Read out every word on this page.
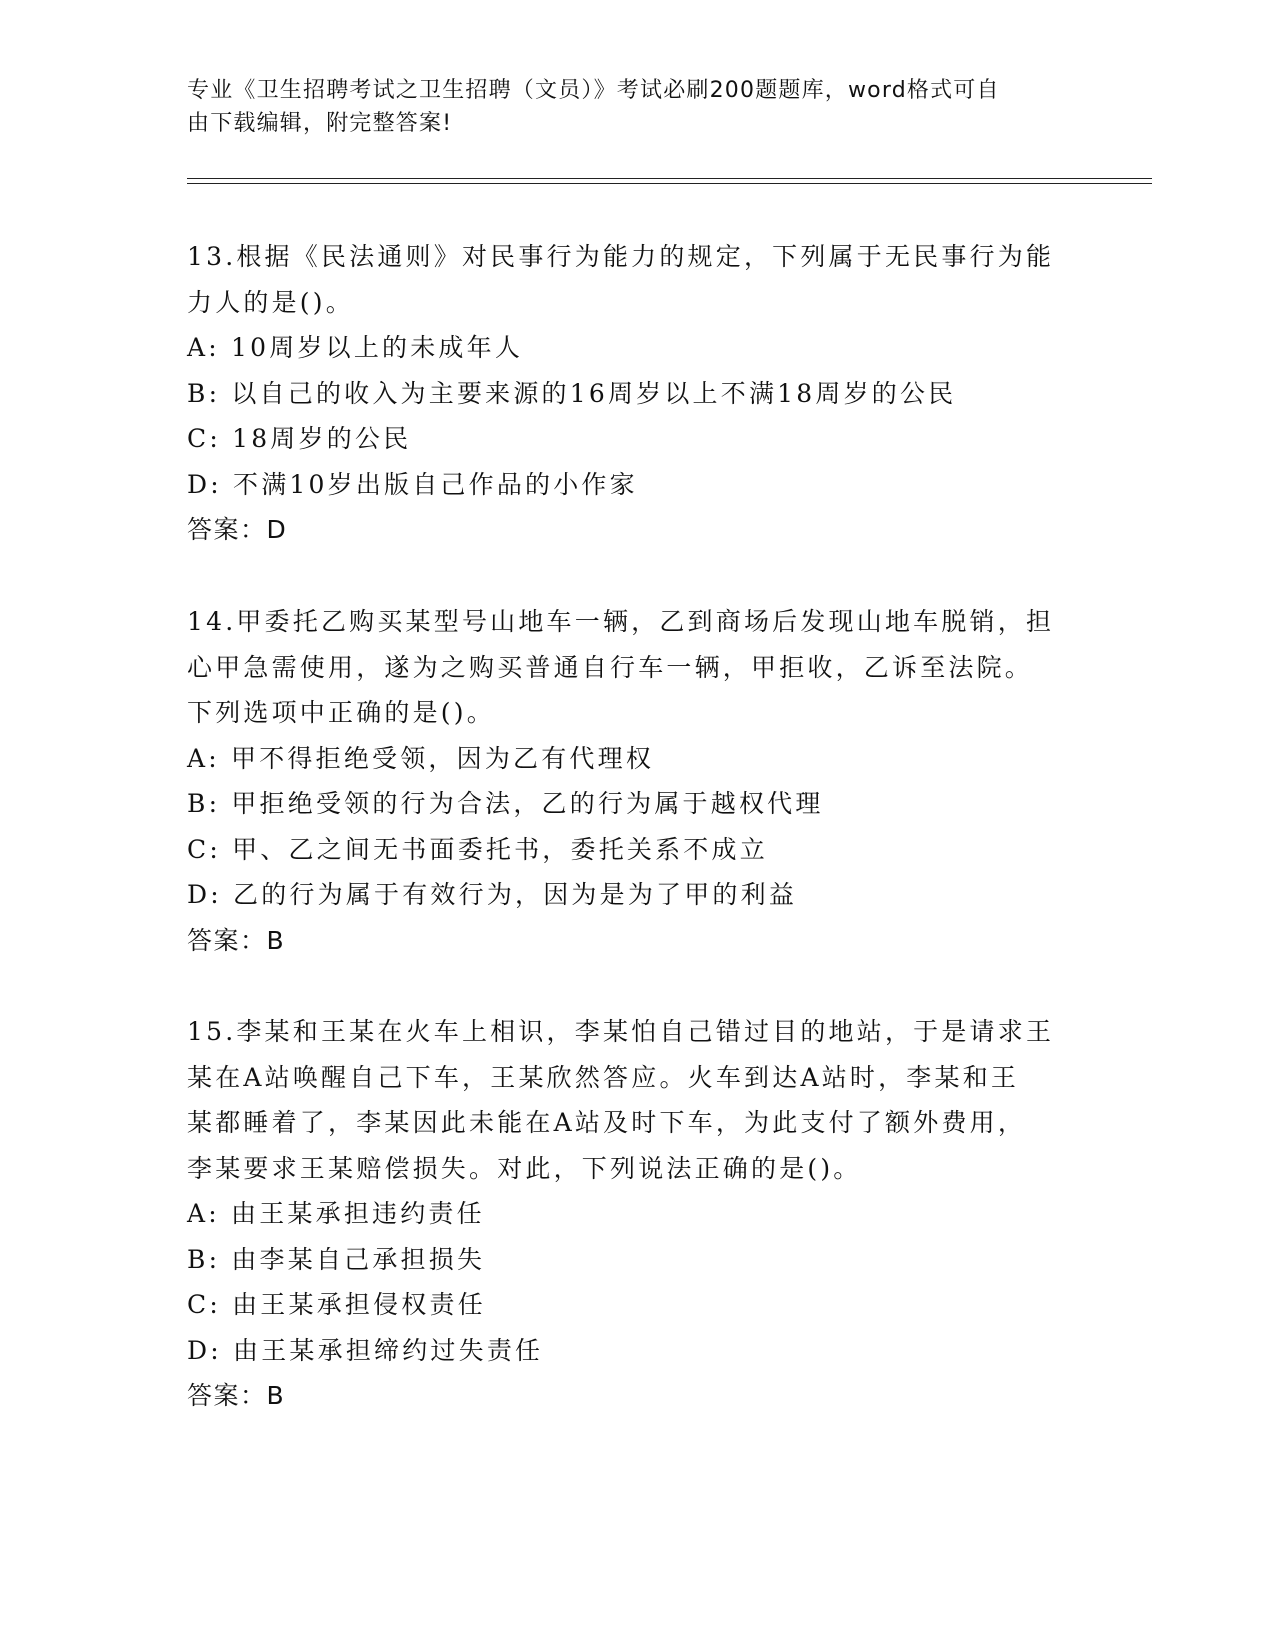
专业《卫生招聘考试之卫生招聘（文员）》考试必刷200题题库，word格式可自
由下载编辑，附完整答案!

13.根据《民法通则》对民事行为能力的规定，下列属于无民事行为能

力人的是()。

A: 10周岁以上的未成年人

B: 以自己的收入为主要来源的16周岁以上不满18周岁的公民

C: 18周岁的公民

D: 不满10岁出版自己作品的小作家

答案：D

14.甲委托乙购买某型号山地车一辆，乙到商场后发现山地车脱销，担

心甲急需使用，遂为之购买普通自行车一辆，甲拒收，乙诉至法院。

下列选项中正确的是()。

A: 甲不得拒绝受领，因为乙有代理权

B: 甲拒绝受领的行为合法，乙的行为属于越权代理

C: 甲、乙之间无书面委托书，委托关系不成立

D: 乙的行为属于有效行为，因为是为了甲的利益

答案：B

15.李某和王某在火车上相识，李某怕自己错过目的地站，于是请求王

某在A站唤醒自己下车，王某欣然答应。火车到达A站时，李某和王

某都睡着了，李某因此未能在A站及时下车，为此支付了额外费用，

李某要求王某赔偿损失。对此，下列说法正确的是()。

A: 由王某承担违约责任

B: 由李某自己承担损失

C: 由王某承担侵权责任

D: 由王某承担缔约过失责任

答案：B
